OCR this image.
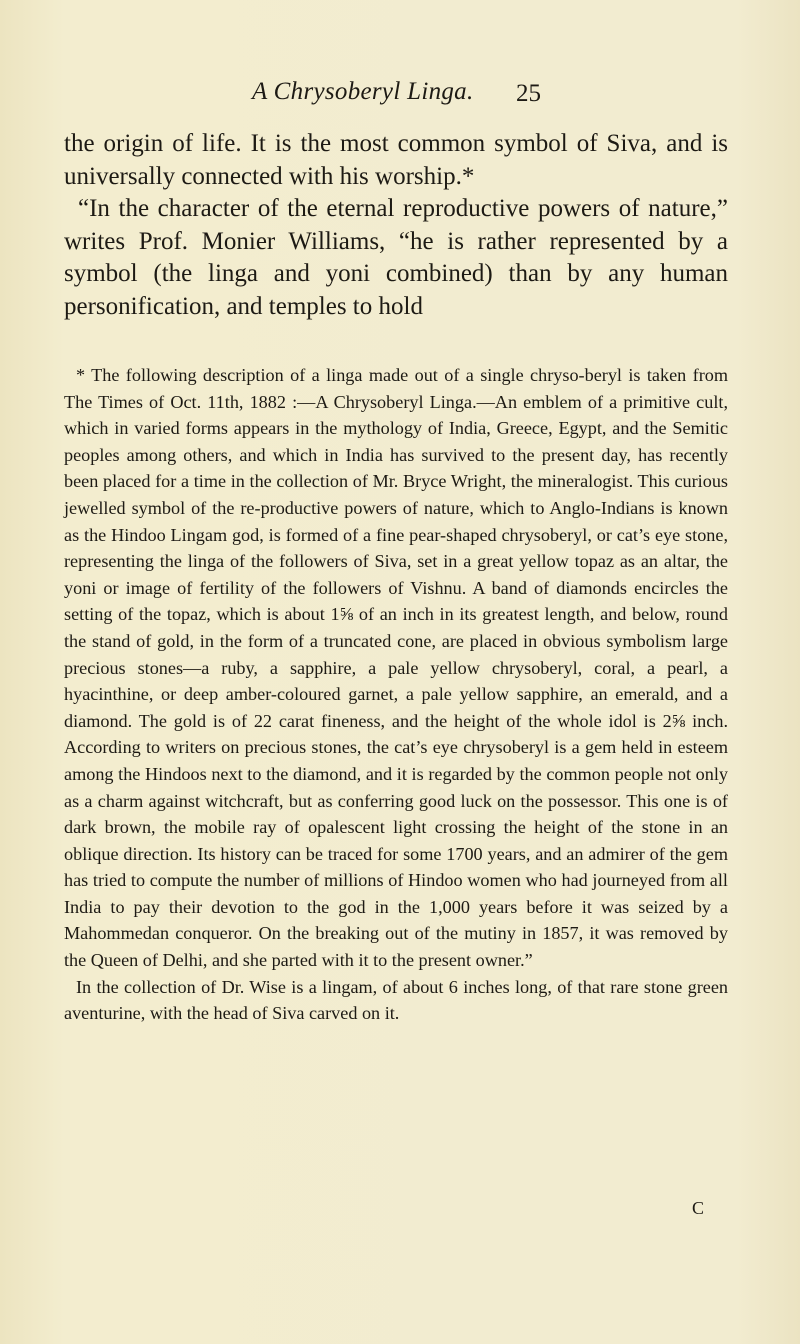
A Chrysoberyl Linga. 25

the origin of life. It is the most common symbol of Siva, and is universally connected with his worship.*

“In the character of the eternal reproductive powers of nature,” writes Prof. Monier Williams, “he is rather represented by a symbol (the linga and yoni combined) than by any human personification, and temples to hold

* The following description of a linga made out of a single chryso-beryl is taken from The Times of Oct. 11th, 1882 :—A Chrysoberyl Linga.—An emblem of a primitive cult, which in varied forms appears in the mythology of India, Greece, Egypt, and the Semitic peoples among others, and which in India has survived to the present day, has recently been placed for a time in the collection of Mr. Bryce Wright, the mineralogist. This curious jewelled symbol of the re-productive powers of nature, which to Anglo-Indians is known as the Hindoo Lingam god, is formed of a fine pear-shaped chrysoberyl, or cat’s eye stone, representing the linga of the followers of Siva, set in a great yellow topaz as an altar, the yoni or image of fertility of the followers of Vishnu. A band of diamonds encircles the setting of the topaz, which is about 1⅝ of an inch in its greatest length, and below, round the stand of gold, in the form of a truncated cone, are placed in obvious symbolism large precious stones—a ruby, a sapphire, a pale yellow chrysoberyl, coral, a pearl, a hyacinthine, or deep amber-coloured garnet, a pale yellow sapphire, an emerald, and a diamond. The gold is of 22 carat fineness, and the height of the whole idol is 2⅝ inch. According to writers on precious stones, the cat’s eye chrysoberyl is a gem held in esteem among the Hindoos next to the diamond, and it is regarded by the common people not only as a charm against witchcraft, but as conferring good luck on the possessor. This one is of dark brown, the mobile ray of opalescent light crossing the height of the stone in an oblique direction. Its history can be traced for some 1700 years, and an admirer of the gem has tried to compute the number of millions of Hindoo women who had journeyed from all India to pay their devotion to the god in the 1,000 years before it was seized by a Mahommedan conqueror. On the breaking out of the mutiny in 1857, it was removed by the Queen of Delhi, and she parted with it to the present owner.”

In the collection of Dr. Wise is a lingam, of about 6 inches long, of that rare stone green aventurine, with the head of Siva carved on it.

C
